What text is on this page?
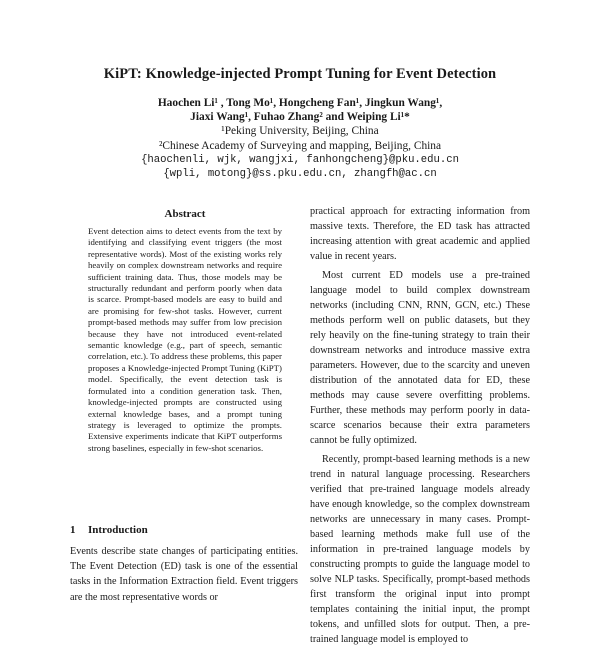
KiPT: Knowledge-injected Prompt Tuning for Event Detection
Haochen Li¹ , Tong Mo¹, Hongcheng Fan¹, Jingkun Wang¹,
Jiaxi Wang¹, Fuhao Zhang² and Weiping Li¹*
¹Peking University, Beijing, China
²Chinese Academy of Surveying and mapping, Beijing, China
{haochenli, wjk, wangjxi, fanhongcheng}@pku.edu.cn
{wpli, motong}@ss.pku.edu.cn, zhangfh@ac.cn
Abstract

Event detection aims to detect events from the text by identifying and classifying event triggers (the most representative words). Most of the existing works rely heavily on complex downstream networks and require sufficient training data. Thus, those models may be structurally redundant and perform poorly when data is scarce. Prompt-based models are easy to build and are promising for few-shot tasks. However, current prompt-based methods may suffer from low precision because they have not introduced event-related semantic knowledge (e.g., part of speech, semantic correlation, etc.). To address these problems, this paper proposes a Knowledge-injected Prompt Tuning (KiPT) model. Specifically, the event detection task is formulated into a condition generation task. Then, knowledge-injected prompts are constructed using external knowledge bases, and a prompt tuning strategy is leveraged to optimize the prompts. Extensive experiments indicate that KiPT outperforms strong baselines, especially in few-shot scenarios.

1 Introduction

Events describe state changes of participating entities. The Event Detection (ED) task is one of the essential tasks in the Information Extraction field. Event triggers are the most representative words or

practical approach for extracting information from massive texts. Therefore, the ED task has attracted increasing attention with great academic and applied value in recent years.

Most current ED models use a pre-trained language model to build complex downstream networks (including CNN, RNN, GCN, etc.) These methods perform well on public datasets, but they rely heavily on the fine-tuning strategy to train their downstream networks and introduce massive extra parameters. However, due to the scarcity and uneven distribution of the annotated data for ED, these methods may cause severe overfitting problems. Further, these methods may perform poorly in data-scarce scenarios because their extra parameters cannot be fully optimized.

Recently, prompt-based learning methods is a new trend in natural language processing. Researchers verified that pre-trained language models already have enough knowledge, so the complex downstream networks are unnecessary in many cases. Prompt-based learning methods make full use of the information in pre-trained language models by constructing prompts to guide the language model to solve NLP tasks. Specifically, prompt-based methods first transform the original input into prompt templates containing the initial input, the prompt tokens, and unfilled slots for output. Then, a pre-trained language model is employed to
